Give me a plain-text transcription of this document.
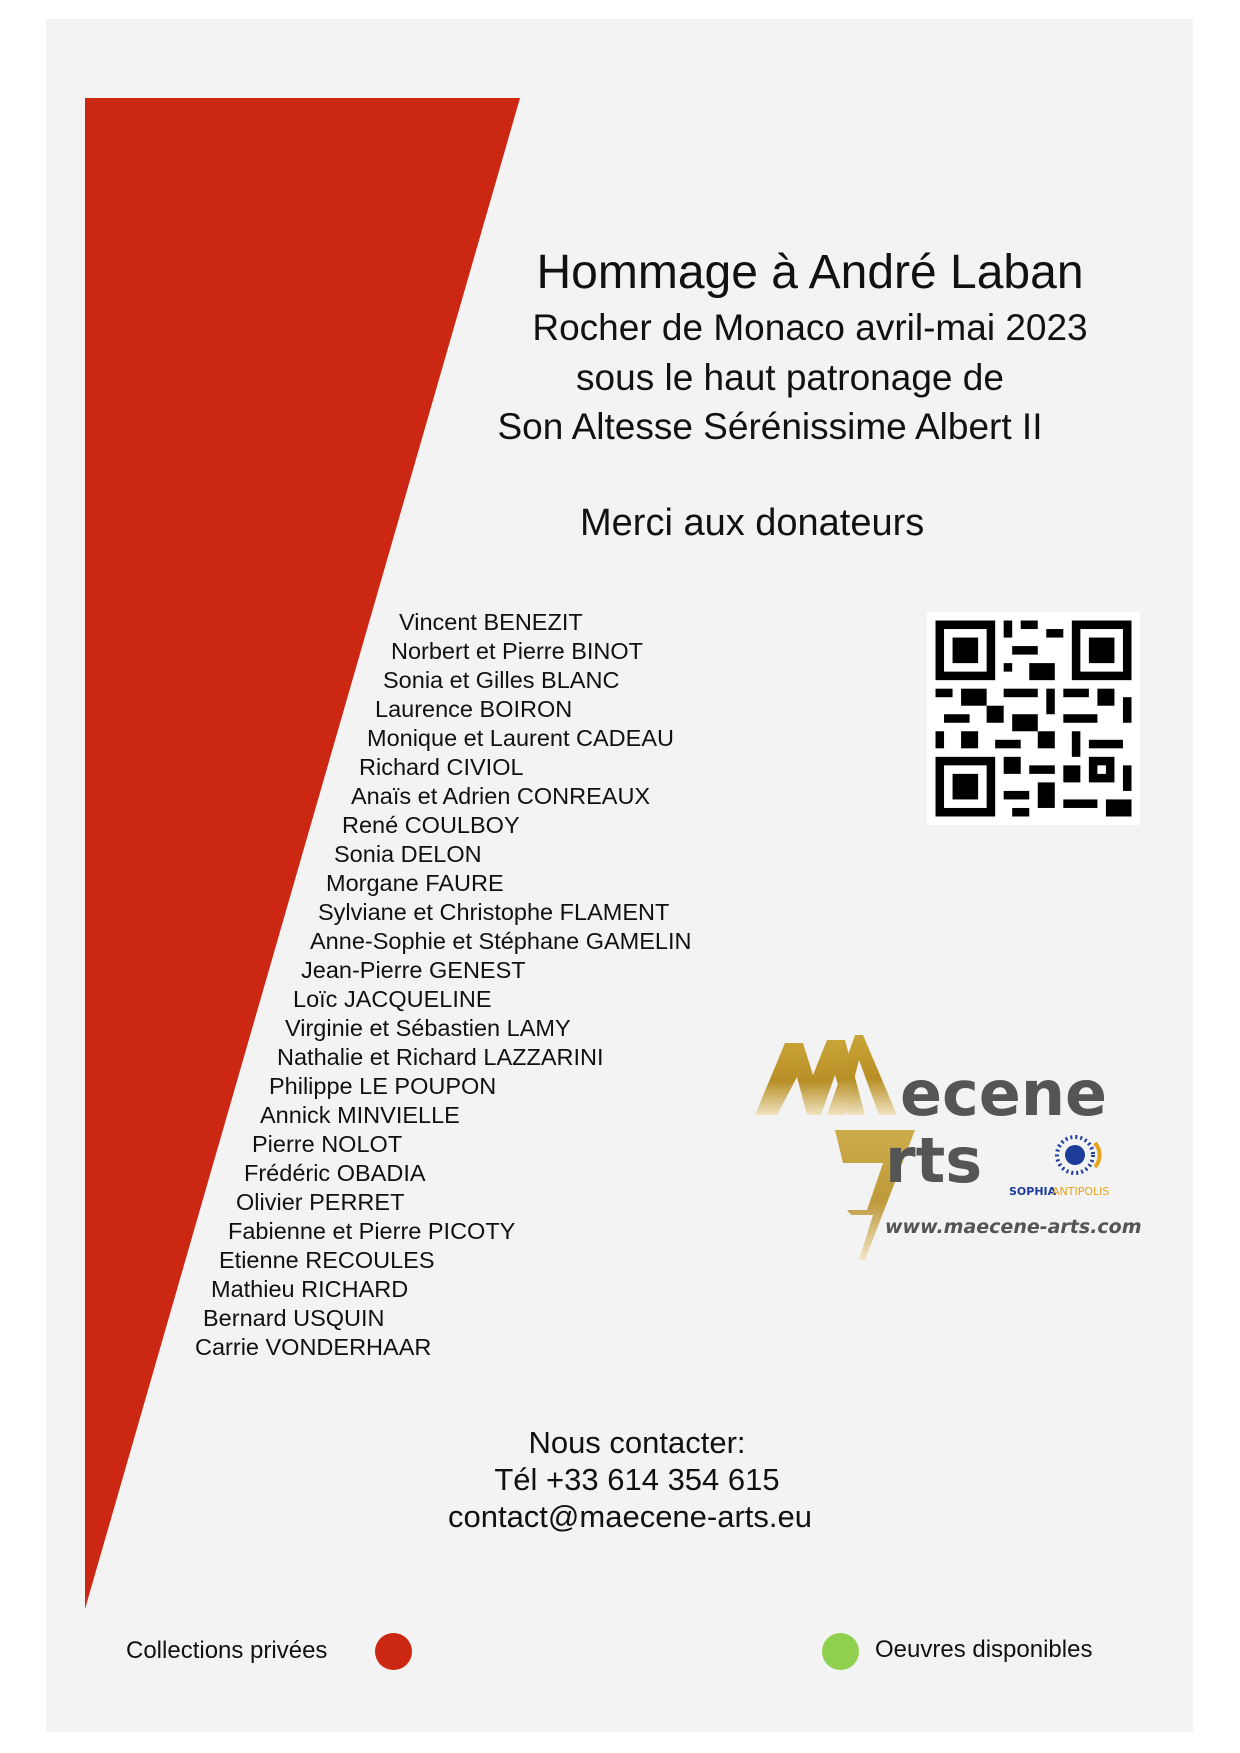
Hommage à André Laban
Rocher de Monaco avril-mai 2023
sous le haut patronage de
Son Altesse Sérénissime Albert II
Merci aux donateurs
Vincent BENEZIT
Norbert et Pierre BINOT
Sonia et Gilles BLANC
Laurence BOIRON
Monique et Laurent CADEAU
Richard CIVIOL
Anaïs et Adrien CONREAUX
René COULBOY
Sonia DELON
Morgane FAURE
Sylviane et Christophe FLAMENT
Anne-Sophie et Stéphane GAMELIN
Jean-Pierre GENEST
Loïc JACQUELINE
Virginie et Sébastien LAMY
Nathalie et Richard LAZZARINI
Philippe LE POUPON
Annick MINVIELLE
Pierre NOLOT
Frédéric OBADIA
Olivier PERRET
Fabienne et Pierre PICOTY
Etienne RECOULES
Mathieu RICHARD
Bernard USQUIN
Carrie VONDERHAAR
ecene
rts
www.maecene-arts.com
SOPHIA
ANTIPOLIS
Nous contacter:
Tél +33 614 354 615
contact@maecene-arts.eu
Collections privées	Oeuvres disponibles
